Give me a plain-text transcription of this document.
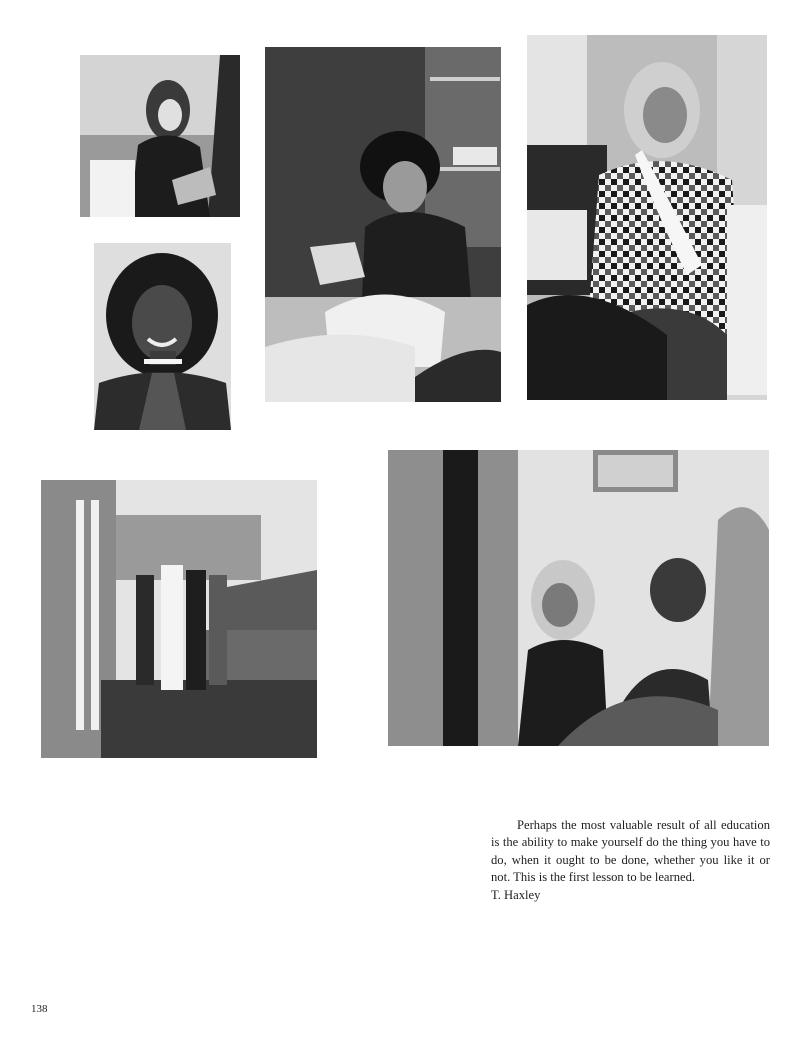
Perhaps the most valuable result of all education is the ability to make yourself do the thing you have to do, when it ought to be done, whether you like it or not. This is the first lesson to be learned.

T. Haxley
138
